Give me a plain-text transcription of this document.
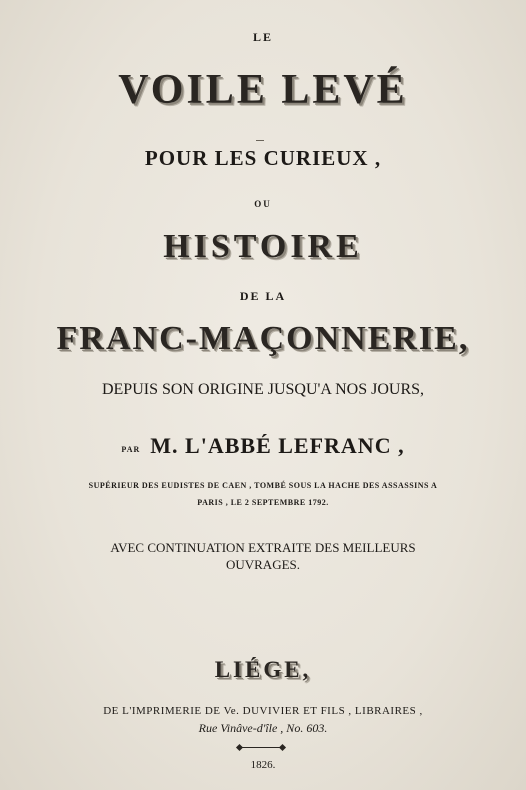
LE
VOILE LEVÉ
POUR LES CURIEUX ,
OU
HISTOIRE
DE LA
FRANC-MAÇONNERIE,
DEPUIS SON ORIGINE JUSQU'A NOS JOURS,
PAR M. L'ABBÉ LEFRANC ,
SUPÉRIEUR DES EUDISTES DE CAEN , TOMBÉ SOUS LA HACHE DES ASSASSINS A
PARIS , LE 2 SEPTEMBRE 1792.
AVEC CONTINUATION EXTRAITE DES MEILLEURS
OUVRAGES.
LIÉGE,
DE L'IMPRIMERIE DE Ve. DUVIVIER ET FILS , LIBRAIRES ,
Rue Vinâve-d'île , No. 603.
1826.
